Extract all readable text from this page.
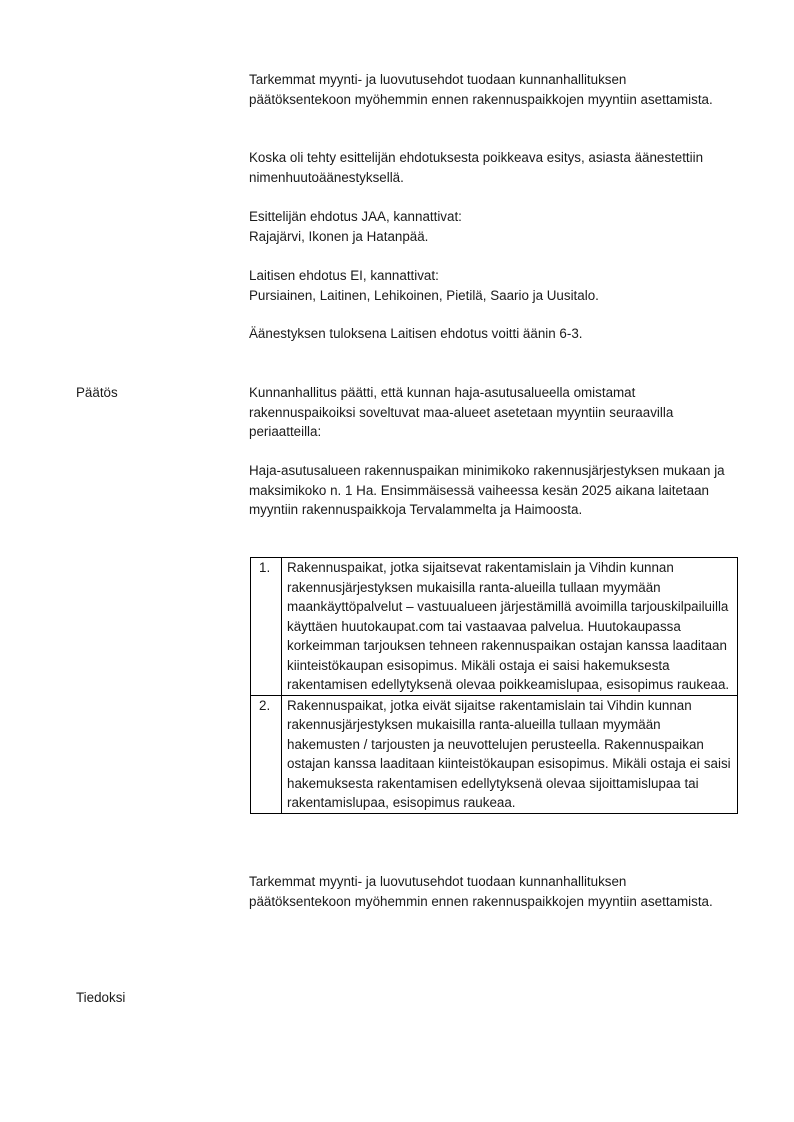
Tarkemmat myynti- ja luovutusehdot tuodaan kunnanhallituksen päätöksentekoon myöhemmin ennen rakennuspaikkojen myyntiin asettamista.

Koska oli tehty esittelijän ehdotuksesta poikkeava esitys, asiasta äänestettiin nimenhuutoäänestyksellä.

Esittelijän ehdotus JAA, kannattivat:

Rajajärvi, Ikonen ja Hatanpää.

Laitisen ehdotus EI, kannattivat:

Pursiainen, Laitinen, Lehikoinen, Pietilä, Saario ja Uusitalo.

Äänestyksen tuloksena Laitisen ehdotus voitti äänin 6-3.

Päätös	Kunnanhallitus päätti, että kunnan haja-asutusalueella omistamat rakennuspaikoiksi soveltuvat maa-alueet asetetaan myyntiin seuraavilla periaatteilla:

Haja-asutusalueen rakennuspaikan minimikoko rakennusjärjestyksen mukaan ja maksimikoko n. 1 Ha. Ensimmäisessä vaiheessa kesän 2025 aikana laitetaan myyntiin rakennuspaikkoja Tervalammelta ja Haimoosta.

1.	Rakennuspaikat, jotka sijaitsevat rakentamislain ja Vihdin kunnan rakennusjärjestyksen mukaisilla ranta-alueilla tullaan myymään maankäyttöpalvelut – vastuualueen järjestämillä avoimilla tarjouskilpailuilla käyttäen huutokaupat.com tai vastaavaa palvelua. Huutokaupassa korkeimman tarjouksen tehneen rakennuspaikan ostajan kanssa laaditaan kiinteistökaupan esisopimus. Mikäli ostaja ei saisi hakemuksesta rakentamisen edellytyksenä olevaa poikkeamislupaa, esisopimus raukeaa.
2.	Rakennuspaikat, jotka eivät sijaitse rakentamislain tai Vihdin kunnan rakennusjärjestyksen mukaisilla ranta-alueilla tullaan myymään hakemusten / tarjousten ja neuvottelujen perusteella. Rakennuspaikan ostajan kanssa laaditaan kiinteistökaupan esisopimus. Mikäli ostaja ei saisi hakemuksesta rakentamisen edellytyksenä olevaa sijoittamislupaa tai rakentamislupaa, esisopimus raukeaa.

Tarkemmat myynti- ja luovutusehdot tuodaan kunnanhallituksen päätöksentekoon myöhemmin ennen rakennuspaikkojen myyntiin asettamista.

Tiedoksi
